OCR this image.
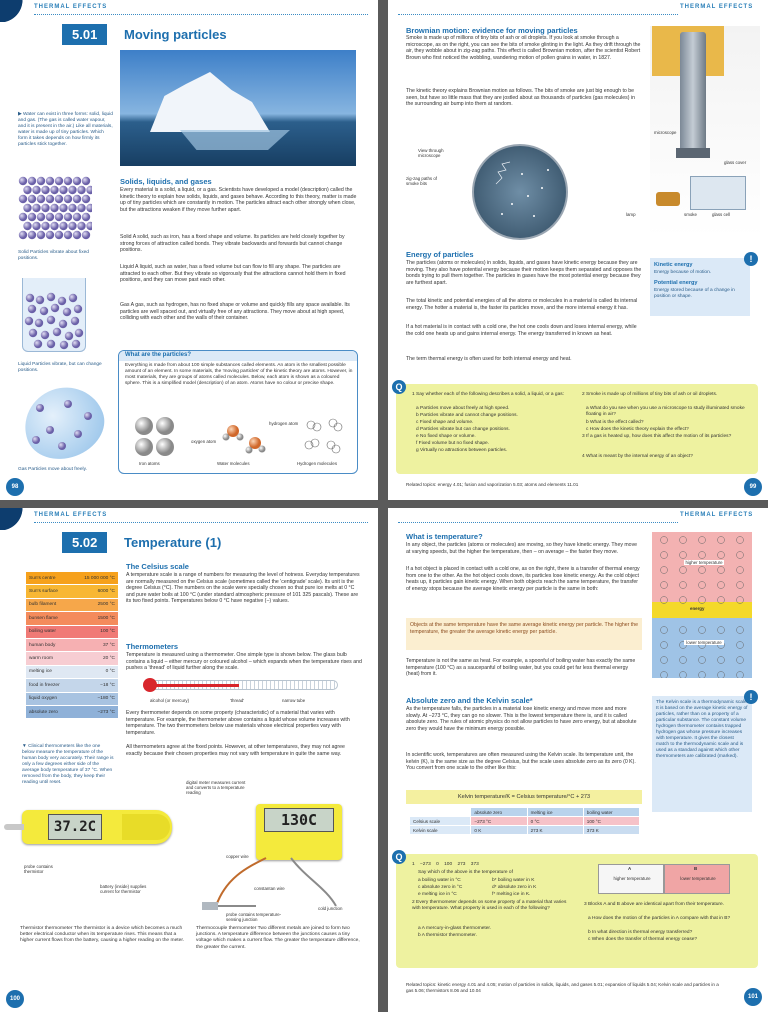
THERMAL EFFECTS
5.01	Moving particles
▶ Water can exist in three forms: solid, liquid and gas. (The gas is called water vapour, and it is present in the air.) Like all materials, water is made up of tiny particles. Which form it takes depends on how firmly its particles stick together.
Solids, liquids, and gases
Every material is a solid, a liquid, or a gas. Scientists have developed a model (description) called the kinetic theory to explain how solids, liquids, and gases behave. According to this theory, matter is made up of tiny particles which are constantly in motion. The particles attract each other strongly when close, but the attractions weaken if they move further apart.
Solid A solid, such as iron, has a fixed shape and volume. Its particles are held closely together by strong forces of attraction called bonds. They vibrate backwards and forwards but cannot change positions.
Liquid A liquid, such as water, has a fixed volume but can flow to fill any shape. The particles are attracted to each other. But they vibrate so vigorously that the attractions cannot hold them in fixed positions, and they can move past each other.
Gas A gas, such as hydrogen, has no fixed shape or volume and quickly fills any space available. Its particles are well spaced out, and virtually free of any attractions. They move about at high speed, colliding with each other and the walls of their container.
Solid Particles vibrate about fixed positions.
Liquid Particles vibrate, but can change positions.
Gas Particles move about freely.
What are the particles?
Everything is made from about 100 simple substances called elements. An atom is the smallest possible amount of an element. In some materials, the 'moving particles' of the kinetic theory are atoms. However, in most materials, they are groups of atoms called molecules. Below, each atom is shown as a coloured sphere. This is a simplified model (description) of an atom. Atoms have no colour or precise shape.
oxygen atom
hydrogen atom
Iron atoms	Water molecules	Hydrogen molecules
98
THERMAL EFFECTS
Brownian motion: evidence for moving particles
Smoke is made up of millions of tiny bits of ash or oil droplets. If you look at smoke through a microscope, as on the right, you can see the bits of smoke glinting in the light. As they drift through the air, they wobble about in zig-zag paths. This effect is called Brownian motion, after the scientist Robert Brown who first noticed the wobbling, wandering motion of pollen grains in water, in 1827.
The kinetic theory explains Brownian motion as follows. The bits of smoke are just big enough to be seen, but have so little mass that they are jostled about as thousands of particles (gas molecules) in the surrounding air bump into them at random.
View through microscope
zig-zag paths of smoke bits
microscope
glass cover
lamp	smoke	glass cell
Energy of particles
The particles (atoms or molecules) in solids, liquids, and gases have kinetic energy because they are moving. They also have potential energy because their motion keeps them separated and opposes the bonds trying to pull them together. The particles in gases have the most potential energy because they are furthest apart.
The total kinetic and potential energies of all the atoms or molecules in a material is called its internal energy. The hotter a material is, the faster its particles move, and the more internal energy it has.
If a hot material is in contact with a cold one, the hot one cools down and loses internal energy, while the cold one heats up and gains internal energy. The energy transferred in known as heat.
The term thermal energy is often used for both internal energy and heat.
!
Kinetic energy
Energy because of motion.
Potential energy
Energy stored because of a change in position or shape.
Q
1 Say whether each of the following describes a solid, a liquid, or a gas:
a Particles move about freely at high speed.
b Particles vibrate and cannot change positions.
c Fixed shape and volume.
d Particles vibrate but can change positions.
e No fixed shape or volume.
f Fixed volume but no fixed shape.
g Virtually no attractions between particles.
2 Smoke is made up of millions of tiny bits of ash or oil droplets.
a What do you see when you use a microscope to study illuminated smoke floating in air?
b What is the effect called?
c How does the kinetic theory explain the effect?
3 If a gas is heated up, how does this affect the motion of its particles?
4 What is meant by the internal energy of an object?
Related topics: energy 4.01; fusion and vaporization 5.03; atoms and elements 11.01	99
THERMAL EFFECTS
5.02	Temperature (1)
Sun's centre	15 000 000 °C
Sun's surface	6000 °C
bulb filament	2500 °C
bunsen flame	1500 °C
boiling water	100 °C
human body	37 °C
warm room	20 °C
melting ice	0 °C
food in freezer	−18 °C
liquid oxygen	−180 °C
absolute zero	−273 °C
▼ Clinical thermometers like the one below measure the temperature of the human body very accurately. Their range is only a few degrees either side of the average body temperature of 37 °C. When removed from the body, they keep their reading until reset.
The Celsius scale
A temperature scale is a range of numbers for measuring the level of hotness. Everyday temperatures are normally measured on the Celsius scale (sometimes called the 'centigrade' scale). Its unit is the degree Celsius (°C). The numbers on the scale were specially chosen so that pure ice melts at 0 °C and pure water boils at 100 °C (under standard atmospheric pressure of 101 325 pascals). These are its two fixed points. Temperatures below 0 °C have negative (−) values.
Thermometers
Temperature is measured using a thermometer. One simple type is shown below. The glass bulb contains a liquid – either mercury or coloured alcohol – which expands when the temperature rises and pushes a 'thread' of liquid further along the scale.
alcohol (or mercury)	'thread'	narrow tube
Every thermometer depends on some property (characteristic) of a material that varies with temperature. For example, the thermometer above contains a liquid whose volume increases with temperature. The two thermometers below use materials whose electrical properties vary with temperature.
All thermometers agree at the fixed points. However, at other temperatures, they may not agree exactly because their chosen properties may not vary with temperature in quite the same way.
37.2C
probe contains thermistor
battery (inside) supplies current for thermistor
130C
digital meter measures current and converts to a temperature reading
copper wire
constantan wire
probe contains temperature-sensing junction
cold junction
Thermistor thermometer The thermistor is a device which becomes a much better electrical conductor when its temperature rises. This means that a higher current flows from the battery, causing a higher reading on the meter.
Thermocouple thermometer Two different metals are joined to form two junctions. A temperature difference between the junctions causes a tiny voltage which makes a current flow. The greater the temperature difference, the greater the current.
100
THERMAL EFFECTS
What is temperature?
In any object, the particles (atoms or molecules) are moving, so they have kinetic energy. They move at varying speeds, but the higher the temperature, then – on average – the faster they move.
If a hot object is placed in contact with a cold one, as on the right, there is a transfer of thermal energy from one to the other. As the hot object cools down, its particles lose kinetic energy. As the cold object heats up, it particles gain kinetic energy. When both objects reach the same temperature, the transfer of energy stops because the average kinetic energy per particle is the same in both:
Objects at the same temperature have the same average kinetic energy per particle. The higher the temperature, the greater the average kinetic energy per particle.
Temperature is not the same as heat. For example, a spoonful of boiling water has exactly the same temperature (100 °C) as a saucepanful of boiling water, but you could get far less thermal energy (heat) from it.
higher temperature
energy
lower temperature
Absolute zero and the Kelvin scale*
As the temperature falls, the particles in a material lose kinetic energy and move more and more slowly. At −273 °C, they can go no slower. This is the lowest temperature there is, and it is called absolute zero. The rules of atomic physics do not allow particles to have zero energy, but at absolute zero they would have the minimum energy possible.
In scientific work, temperatures are often measured using the Kelvin scale. Its temperature unit, the kelvin (K), is the same size as the degree Celsius, but the scale uses absolute zero as its zero (0 K). You convert from one scale to the other like this:
Kelvin temperature/K = Celsius temperature/°C + 273
absolute zero	melting ice	boiling water
Celsius scale	−273 °C	0 °C	100 °C
Kelvin scale	0 K	273 K	373 K
!
The Kelvin scale is a thermodynamic scale. It is based on the average kinetic energy of particles, rather than on a property of a particular substance. The constant volume hydrogen thermometer contains trapped hydrogen gas whose pressure increases with temperature. It gives the closest match to the thermodynamic scale and is used as a standard against which other thermometers are calibrated (marked).
Q
1 −273 0 100 273 373
Say which of the above is the temperature of
a boiling water in °C	b* boiling water in K
c absolute zero in °C	d* absolute zero in K
e melting ice in °C	f* melting ice in K.
2 Every thermometer depends on some property of a material that varies with temperature. What property is used in each of the following?
a A mercury-in-glass thermometer.
b A thermistor thermometer.
A	B
higher temperature	lower temperature
3 Blocks A and B above are identical apart from their temperature.
a How does the motion of the particles in A compare with that in B?
b In what direction is thermal energy transferred?
c When does the transfer of thermal energy cease?
Related topics: kinetic energy 4.01 and 4.05; motion of particles in solids, liquids, and gases 5.01; expansion of liquids 5.04; Kelvin scale and particles in a gas 5.06; thermistors 8.06 and 10.04
101
